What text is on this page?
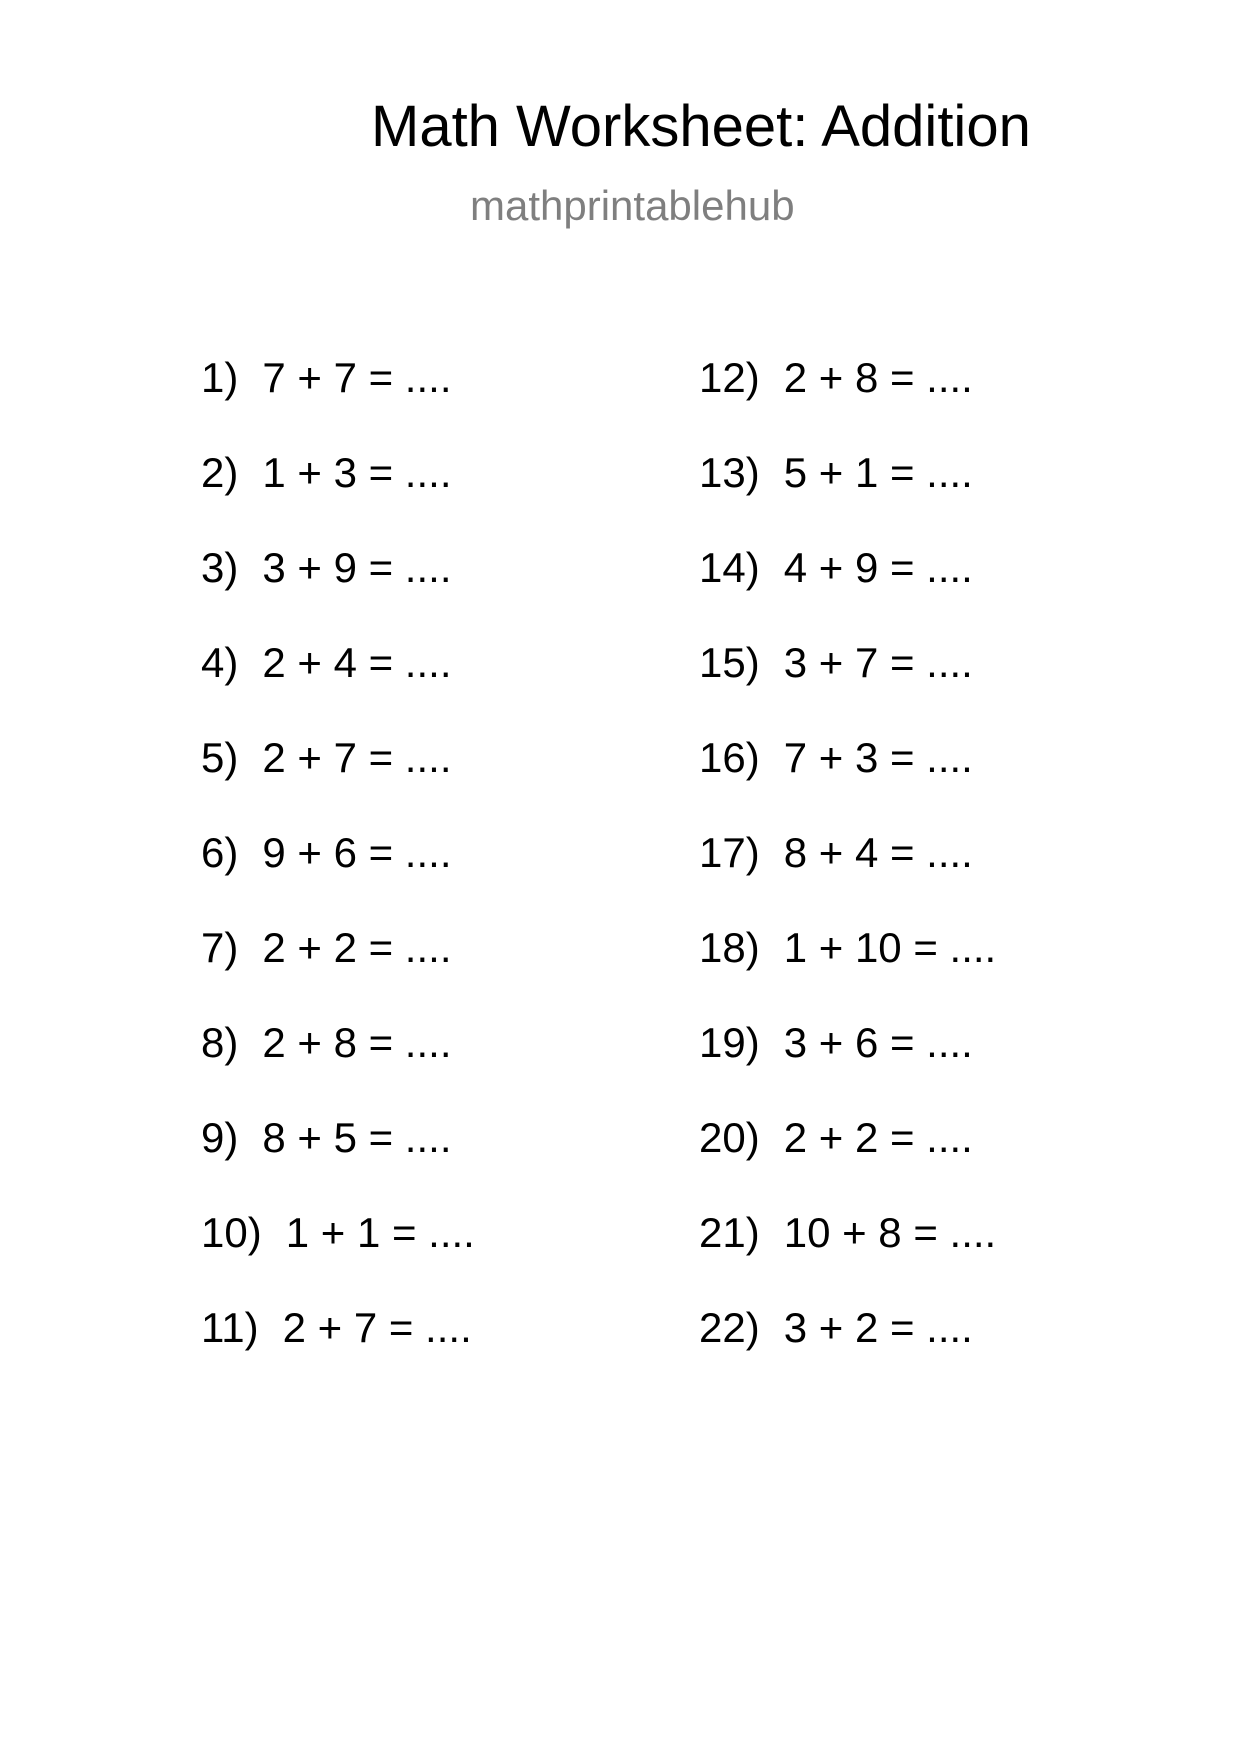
Math Worksheet: Addition
mathprintablehub
1 ) 7 + 7 = ....
2 ) 1 + 3 = ....
3 ) 3 + 9 = ....
4 ) 2 + 4 = ....
5 ) 2 + 7 = ....
6 ) 9 + 6 = ....
7 ) 2 + 2 = ....
8 ) 2 + 8 = ....
9 ) 8 + 5 = ....
10 ) 1 + 1 = ....
11 ) 2 + 7 = ....
12 ) 2 + 8 = ....
13 ) 5 + 1 = ....
14 ) 4 + 9 = ....
15 ) 3 + 7 = ....
16 ) 7 + 3 = ....
17 ) 8 + 4 = ....
18 ) 1 + 10 = ....
19 ) 3 + 6 = ....
20 ) 2 + 2 = ....
21 ) 10 + 8 = ....
22 ) 3 + 2 = ....
